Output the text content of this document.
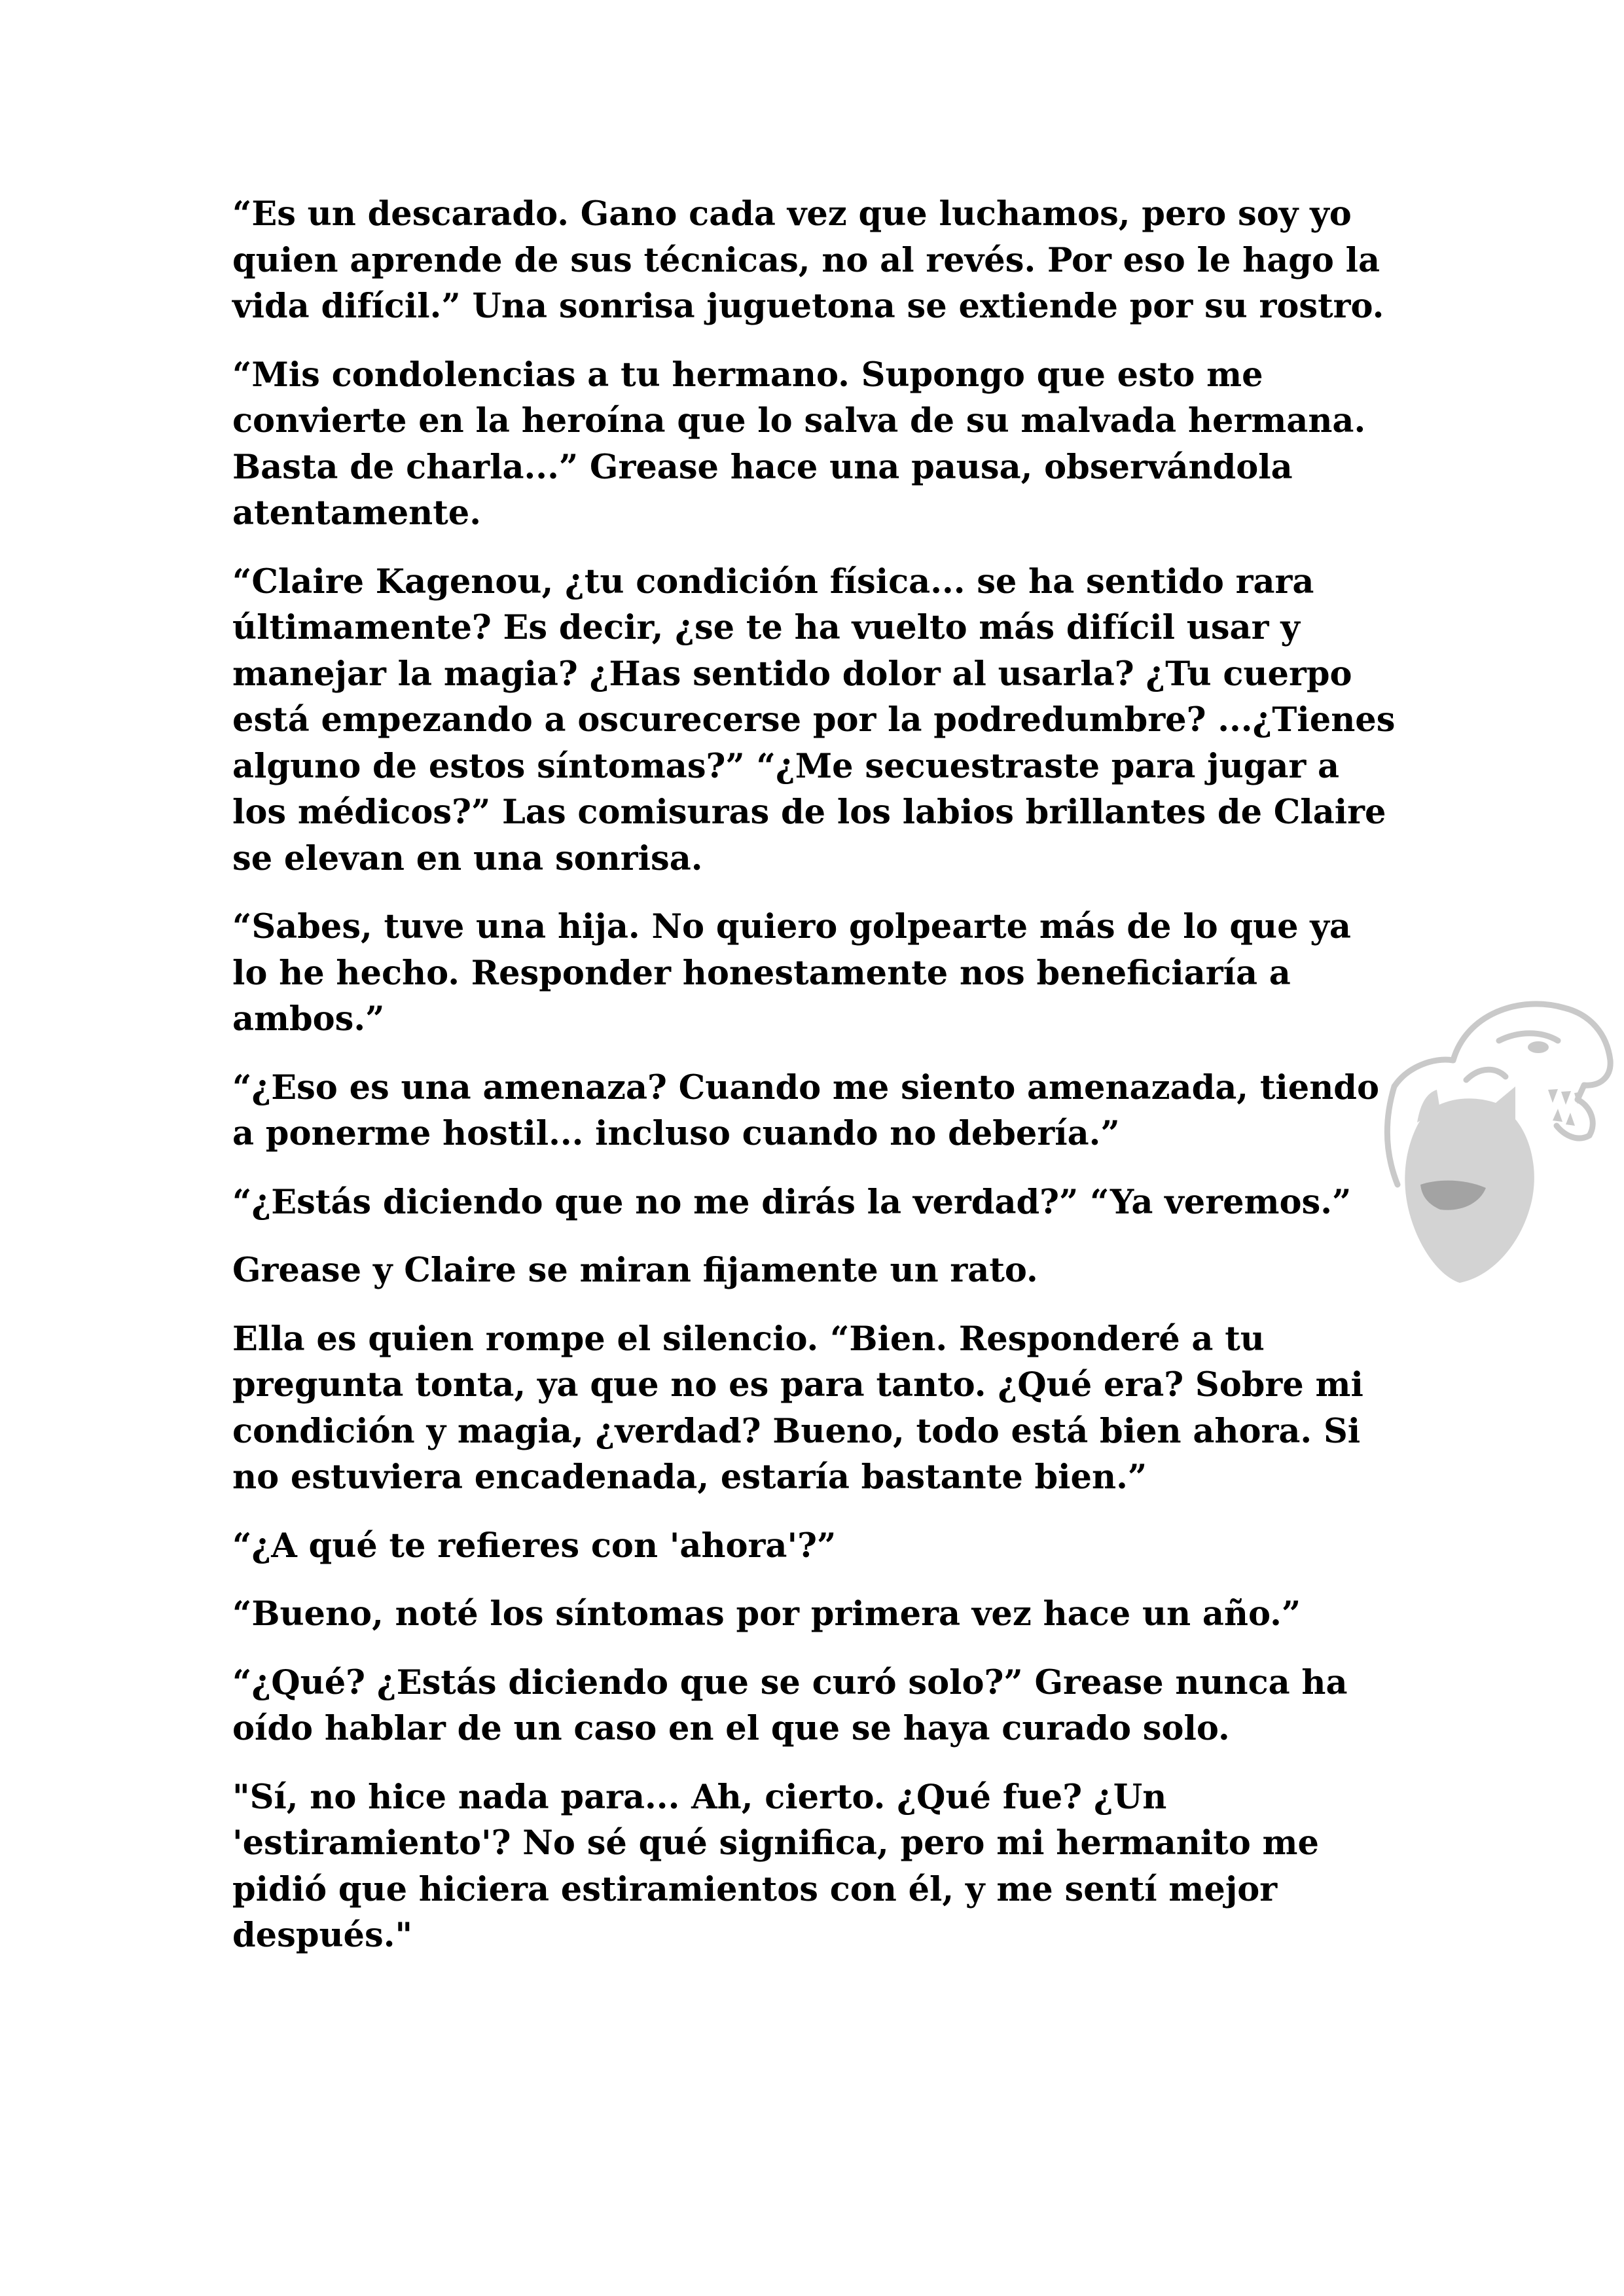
“Es un descarado. Gano cada vez que luchamos, pero soy yo quien aprende de sus técnicas, no al revés. Por eso le hago la vida difícil.” Una sonrisa juguetona se extiende por su rostro.

“Mis condolencias a tu hermano. Supongo que esto me convierte en la heroína que lo salva de su malvada hermana. Basta de charla...” Grease hace una pausa, observándola atentamente.

“Claire Kagenou, ¿tu condición física... se ha sentido rara últimamente? Es decir, ¿se te ha vuelto más difícil usar y manejar la magia? ¿Has sentido dolor al usarla? ¿Tu cuerpo está empezando a oscurecerse por la podredumbre? ...¿Tienes alguno de estos síntomas?” “¿Me secuestraste para jugar a los médicos?” Las comisuras de los labios brillantes de Claire se elevan en una sonrisa.

“Sabes, tuve una hija. No quiero golpearte más de lo que ya lo he hecho. Responder honestamente nos beneficiaría a ambos.”

“¿Eso es una amenaza? Cuando me siento amenazada, tiendo a ponerme hostil... incluso cuando no debería.”

“¿Estás diciendo que no me dirás la verdad?” “Ya veremos.”

Grease y Claire se miran fijamente un rato.

Ella es quien rompe el silencio. “Bien. Responderé a tu pregunta tonta, ya que no es para tanto. ¿Qué era? Sobre mi condición y magia, ¿verdad? Bueno, todo está bien ahora. Si no estuviera encadenada, estaría bastante bien.”

“¿A qué te refieres con 'ahora'?”

“Bueno, noté los síntomas por primera vez hace un año.”

“¿Qué? ¿Estás diciendo que se curó solo?” Grease nunca ha oído hablar de un caso en el que se haya curado solo.

"Sí, no hice nada para... Ah, cierto. ¿Qué fue? ¿Un 'estiramiento'? No sé qué significa, pero mi hermanito me pidió que hiciera estiramientos con él, y me sentí mejor después."
